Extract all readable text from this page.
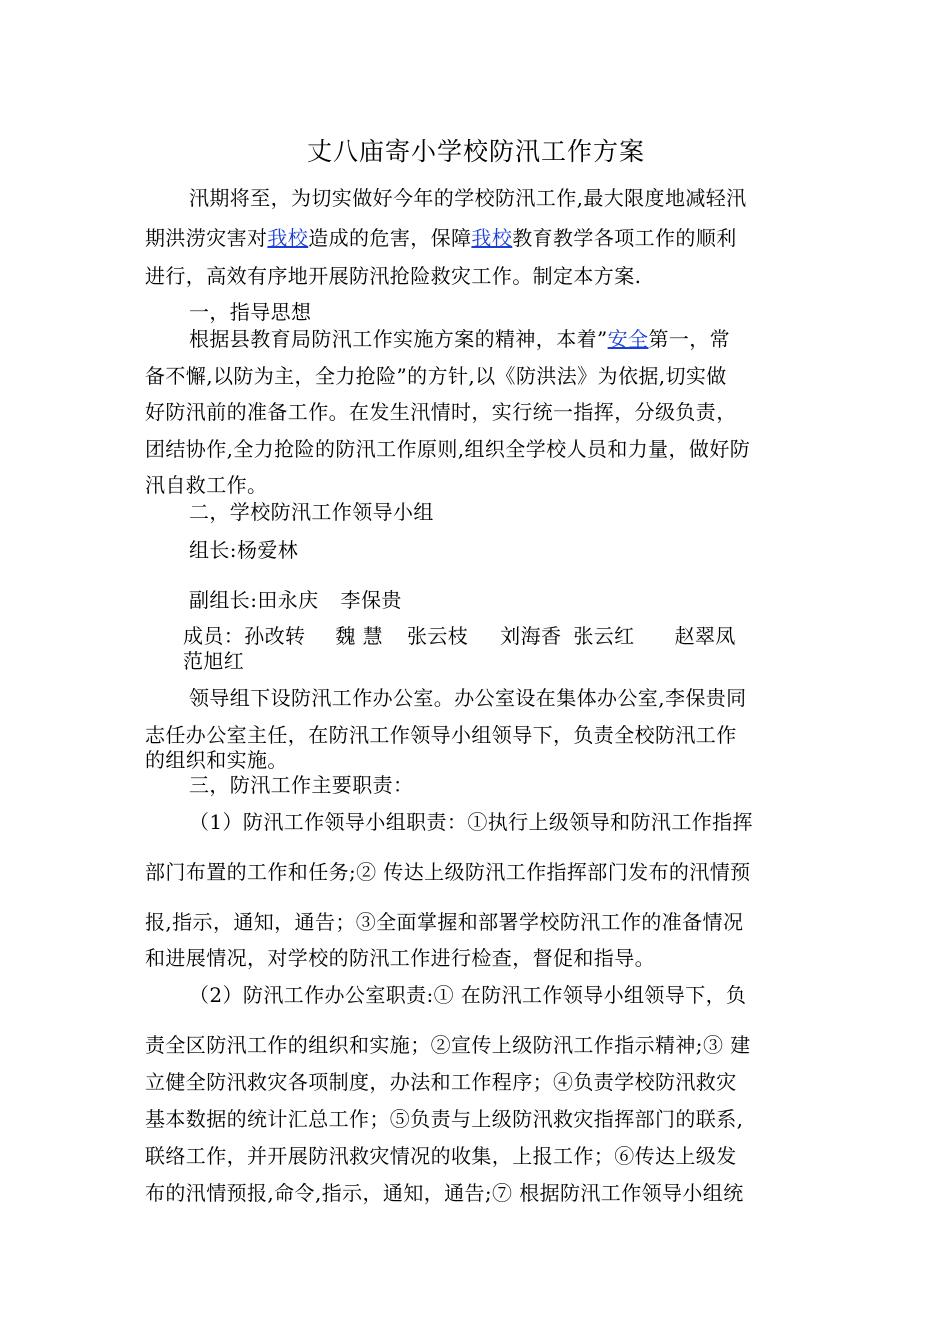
丈八庙寄小学校防汛工作方案
汛期将至，为切实做好今年的学校防汛工作,最大限度地减轻汛
期洪涝灾害对我校造成的危害，保障我校教育教学各项工作的顺利
进行，高效有序地开展防汛抢险救灾工作。制定本方案.
一，指导思想
根据县教育局防汛工作实施方案的精神，本着”安全第一，常
备不懈,以防为主，全力抢险”的方针,以《防洪法》为依据,切实做
好防汛前的准备工作。在发生汛情时，实行统一指挥，分级负责，
团结协作,全力抢险的防汛工作原则,组织全学校人员和力量，做好防
汛自救工作。
二，学校防汛工作领导小组
组长:杨爱林
副组长:田永庆 李保贵
成员：孙改转 魏 慧 张云枝 刘海香 张云红 赵翠凤
范旭红
领导组下设防汛工作办公室。办公室设在集体办公室,李保贵同
志任办公室主任，在防汛工作领导小组领导下，负责全校防汛工作
的组织和实施。
三，防汛工作主要职责：
（1）防汛工作领导小组职责：①执行上级领导和防汛工作指挥
部门布置的工作和任务;② 传达上级防汛工作指挥部门发布的汛情预
报,指示，通知，通告；③全面掌握和部署学校防汛工作的准备情况
和进展情况，对学校的防汛工作进行检查，督促和指导。
（2）防汛工作办公室职责:① 在防汛工作领导小组领导下，负
责全区防汛工作的组织和实施；②宣传上级防汛工作指示精神;③ 建
立健全防汛救灾各项制度，办法和工作程序；④负责学校防汛救灾
基本数据的统计汇总工作；⑤负责与上级防汛救灾指挥部门的联系,
联络工作，并开展防汛救灾情况的收集，上报工作；⑥传达上级发
布的汛情预报,命令,指示，通知，通告;⑦ 根据防汛工作领导小组统
